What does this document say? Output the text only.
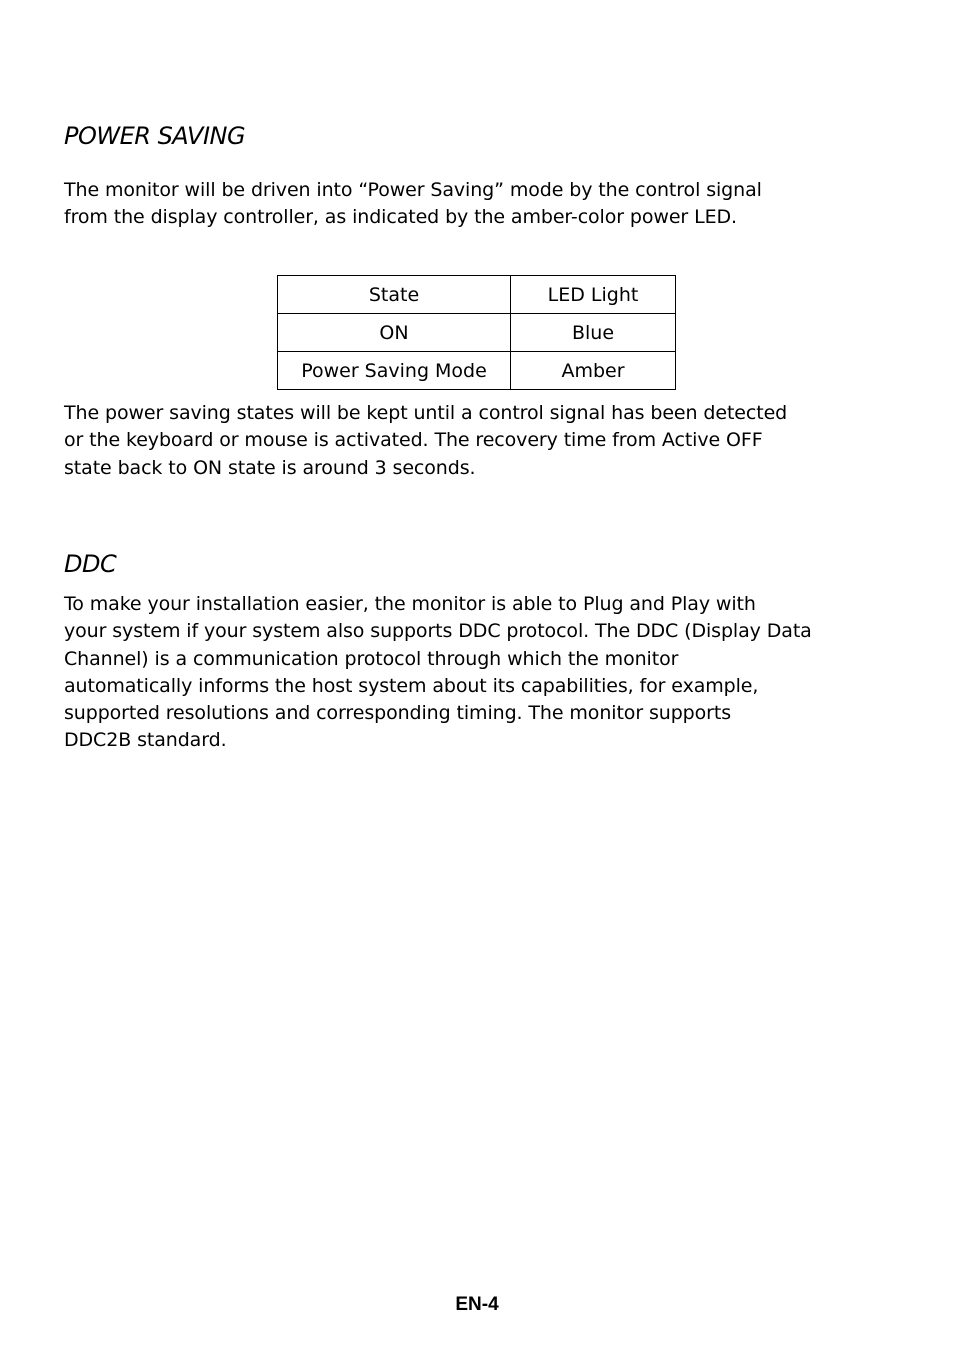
POWER SAVING

The monitor will be driven into “Power Saving” mode by the control signal
from the display controller, as indicated by the amber-color power LED.

State	LED Light
ON	Blue
Power Saving Mode	Amber

The power saving states will be kept until a control signal has been detected
or the keyboard or mouse is activated. The recovery time from Active OFF
state back to ON state is around 3 seconds.

DDC

To make your installation easier, the monitor is able to Plug and Play with
your system if your system also supports DDC protocol. The DDC (Display Data
Channel) is a communication protocol through which the monitor
automatically informs the host system about its capabilities, for example,
supported resolutions and corresponding timing. The monitor supports
DDC2B standard.

EN-4
